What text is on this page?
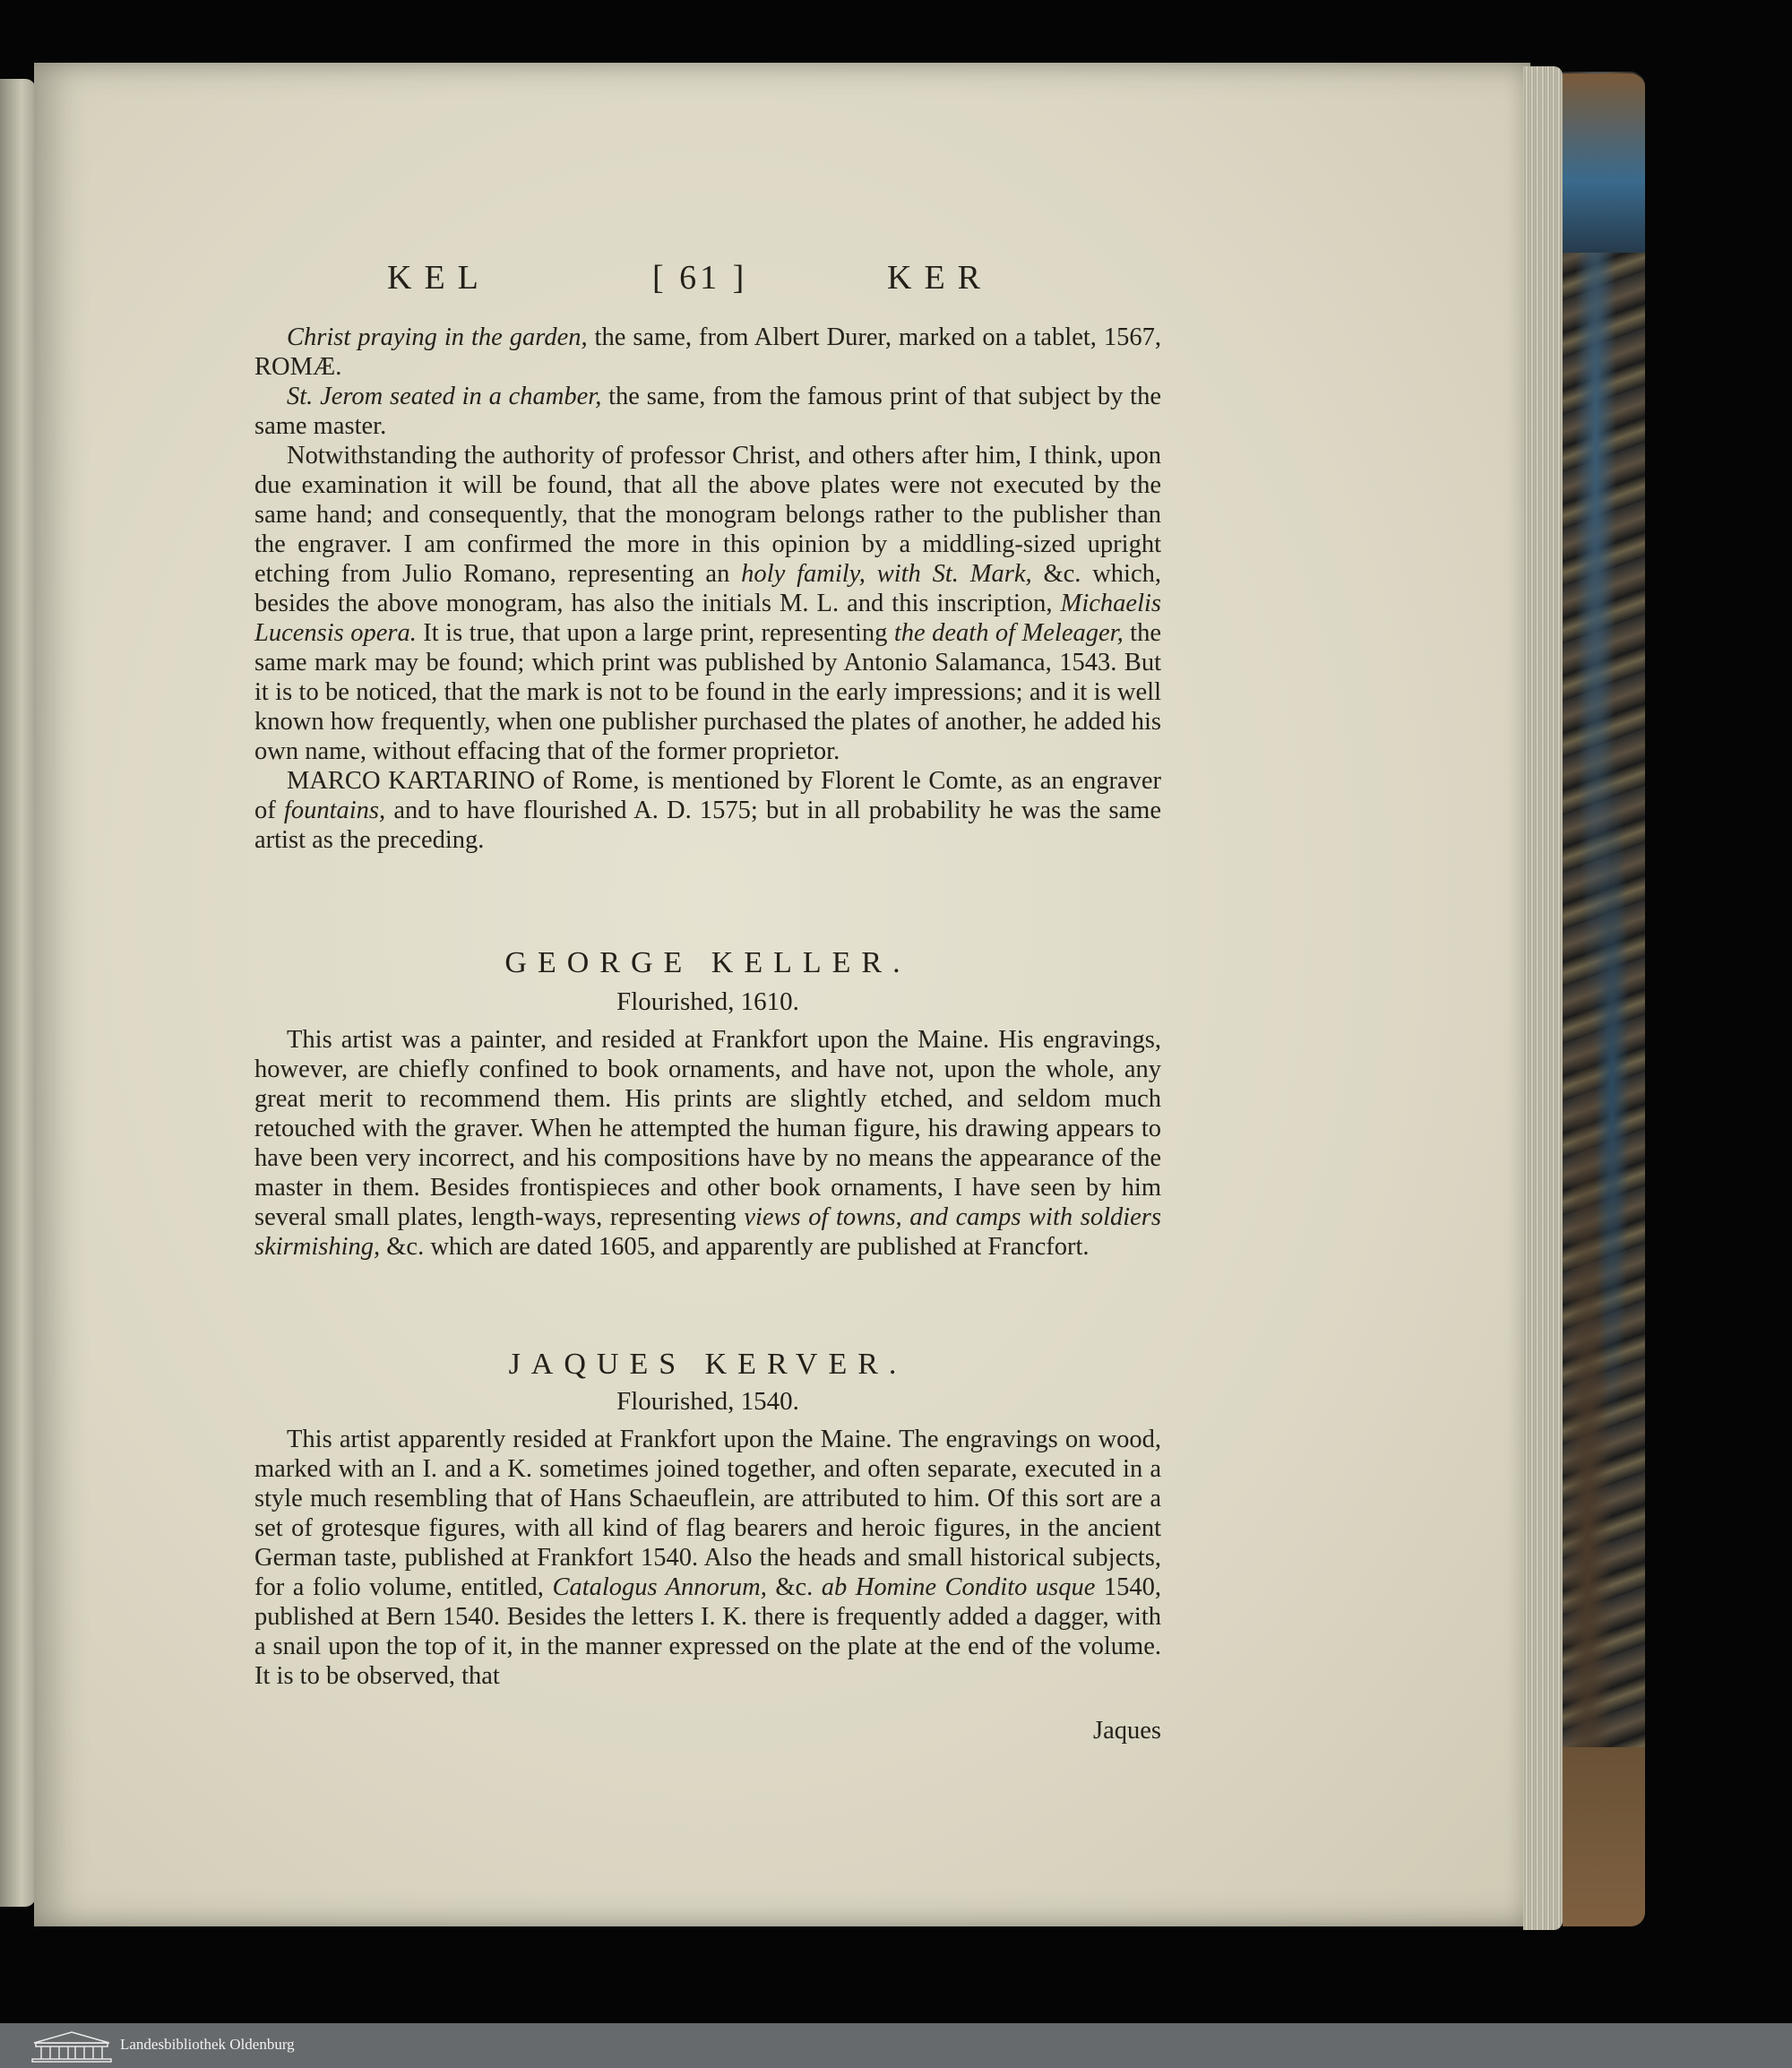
KEL	[ 61 ]	KER

Christ praying in the garden, the same, from Albert Durer, marked on a tablet, 1567, ROMÆ.

St. Jerom seated in a chamber, the same, from the famous print of that subject by the same master.

Notwithstanding the authority of professor Christ, and others after him, I think, upon due examination it will be found, that all the above plates were not executed by the same hand; and consequently, that the monogram belongs rather to the publisher than the engraver. I am confirmed the more in this opinion by a middling-sized upright etching from Julio Romano, representing an holy family, with St. Mark, &c. which, besides the above monogram, has also the initials M. L. and this inscription, Michaelis Lucensis opera. It is true, that upon a large print, representing the death of Meleager, the same mark may be found; which print was published by Antonio Salamanca, 1543. But it is to be noticed, that the mark is not to be found in the early impressions; and it is well known how frequently, when one publisher purchased the plates of another, he added his own name, without effacing that of the former proprietor.

MARCO KARTARINO of Rome, is mentioned by Florent le Comte, as an engraver of fountains, and to have flourished A. D. 1575; but in all probability he was the same artist as the preceding.

GEORGE KELLER.
Flourished, 1610.

This artist was a painter, and resided at Frankfort upon the Maine. His engravings, however, are chiefly confined to book ornaments, and have not, upon the whole, any great merit to recommend them. His prints are slightly etched, and seldom much retouched with the graver. When he attempted the human figure, his drawing appears to have been very incorrect, and his compositions have by no means the appearance of the master in them. Besides frontispieces and other book ornaments, I have seen by him several small plates, length-ways, representing views of towns, and camps with soldiers skirmishing, &c. which are dated 1605, and apparently are published at Francfort.

JAQUES KERVER.
Flourished, 1540.

This artist apparently resided at Frankfort upon the Maine. The engravings on wood, marked with an I. and a K. sometimes joined together, and often separate, executed in a style much resembling that of Hans Schaeuflein, are attributed to him. Of this sort are a set of grotesque figures, with all kind of flag bearers and heroic figures, in the ancient German taste, published at Frankfort 1540. Also the heads and small historical subjects, for a folio volume, entitled, Catalogus Annorum, &c. ab Homine Condito usque 1540, published at Bern 1540. Besides the letters I. K. there is frequently added a dagger, with a snail upon the top of it, in the manner expressed on the plate at the end of the volume. It is to be observed, that

Jaques
Landesbibliothek Oldenburg
